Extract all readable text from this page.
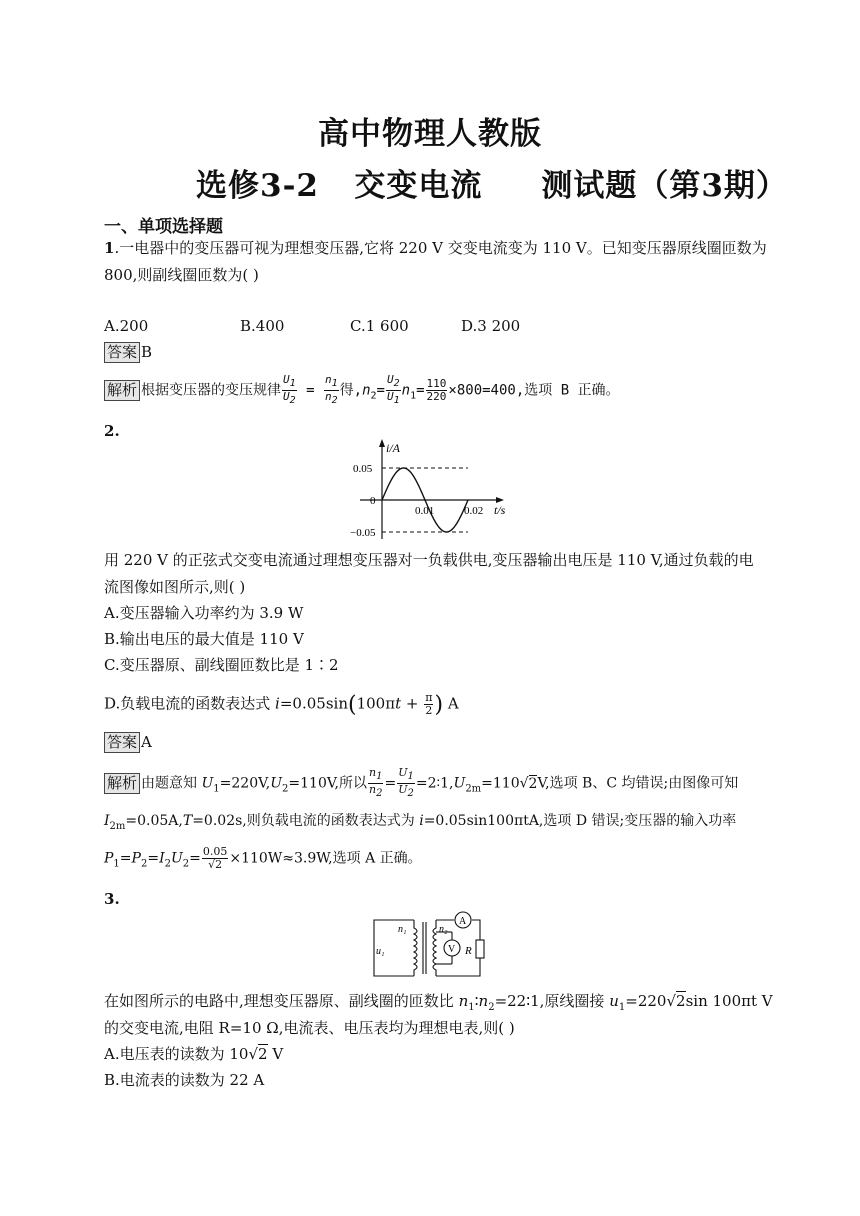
高中物理人教版
选修3-2   交变电流     测试题（第3期）
一、单项选择题
1.一电器中的变压器可视为理想变压器,它将 220 V 交变电流变为 110 V。已知变压器原线圈匝数为
800,则副线圈匝数为( )
A.200	B.400	C.1 600	D.3 200
答案 B
解析 根据变压器的变压规律 $\frac{U_1}{U_2} = \frac{n_1}{n_2}$ 得$,n_2= \frac{U_2}{U_1} n_1= \frac{110}{220} \times 800=400$,选项 B 正确。
2.
i/A
0.05
0
−0.05
0.01	0.02 t/s
用 220 V 的正弦式交变电流通过理想变压器对一负载供电,变压器输出电压是 110 V,通过负载的电
流图像如图所示,则( )
A.变压器输入功率约为 3.9 W
B.输出电压的最大值是 110 V
C.变压器原、副线圈匝数比是 1∶2
D.负载电流的函数表达式 $i=0.05\sin(100\pi t + \frac{\pi}{2}$ ) A
答案 A
解析 由题意知 $U_1=220V,U_2=110V$,所以 $\frac{n_1}{n_2} = \frac{U_1}{U_2}$ $=2∶1,U_{2m}=110√2V$,选项 B、C 均错误;由图像可知
$I_{2m}=0.05A,T=0.02s$,则负载电流的函数表达式为 i=0.05sin100πtA,选项 D 错误;变压器的输入功率
$P_1=P_2=I_2U_2= \frac{0.05}{√2} \times 110W\approx 3.9W$,选项 A 正确。
3.
n₁	n₂
u₁
A
V R
在如图所示的电路中,理想变压器原、副线圈的匝数比 $n_1∶n_2=22∶1$,原线圈接 $u_1=220√2\sin$ 100πt V
的交变电流,电阻 R=10 Ω,电流表、电压表均为理想电表,则( )
A.电压表的读数为 10√2 V
B.电流表的读数为 22 A
